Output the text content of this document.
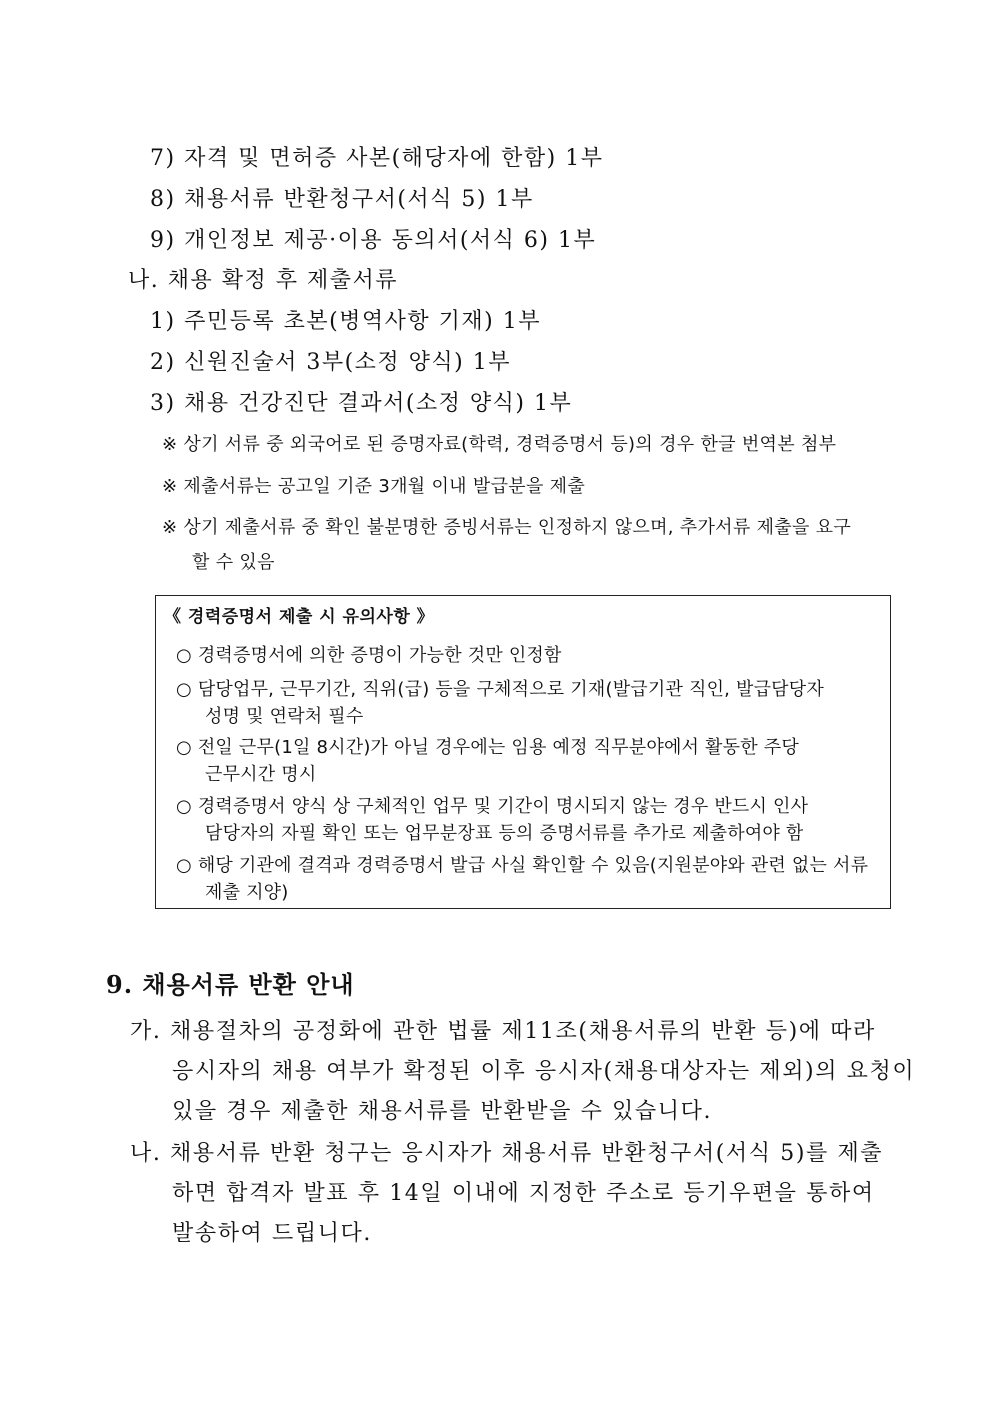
7) 자격 및 면허증 사본(해당자에 한함) 1부
8) 채용서류 반환청구서(서식 5) 1부
9) 개인정보 제공·이용 동의서(서식 6) 1부
나. 채용 확정 후 제출서류
1) 주민등록 초본(병역사항 기재) 1부
2) 신원진술서 3부(소정 양식) 1부
3) 채용 건강진단 결과서(소정 양식) 1부
※ 상기 서류 중 외국어로 된 증명자료(학력, 경력증명서 등)의 경우 한글 번역본 첨부
※ 제출서류는 공고일 기준 3개월 이내 발급분을 제출
※ 상기 제출서류 중 확인 불분명한 증빙서류는 인정하지 않으며, 추가서류 제출을 요구
할 수 있음
《 경력증명서 제출 시 유의사항 》
○ 경력증명서에 의한 증명이 가능한 것만 인정함
○ 담당업무, 근무기간, 직위(급) 등을 구체적으로 기재(발급기관 직인, 발급담당자
성명 및 연락처 필수
○ 전일 근무(1일 8시간)가 아닐 경우에는 임용 예정 직무분야에서 활동한 주당
근무시간 명시
○ 경력증명서 양식 상 구체적인 업무 및 기간이 명시되지 않는 경우 반드시 인사
담당자의 자필 확인 또는 업무분장표 등의 증명서류를 추가로 제출하여야 함
○ 해당 기관에 결격과 경력증명서 발급 사실 확인할 수 있음(지원분야와 관련 없는 서류
제출 지양)
9. 채용서류 반환 안내
가. 채용절차의 공정화에 관한 법률 제11조(채용서류의 반환 등)에 따라
응시자의 채용 여부가 확정된 이후 응시자(채용대상자는 제외)의 요청이
있을 경우 제출한 채용서류를 반환받을 수 있습니다.
나. 채용서류 반환 청구는 응시자가 채용서류 반환청구서(서식 5)를 제출
하면 합격자 발표 후 14일 이내에 지정한 주소로 등기우편을 통하여
발송하여 드립니다.
